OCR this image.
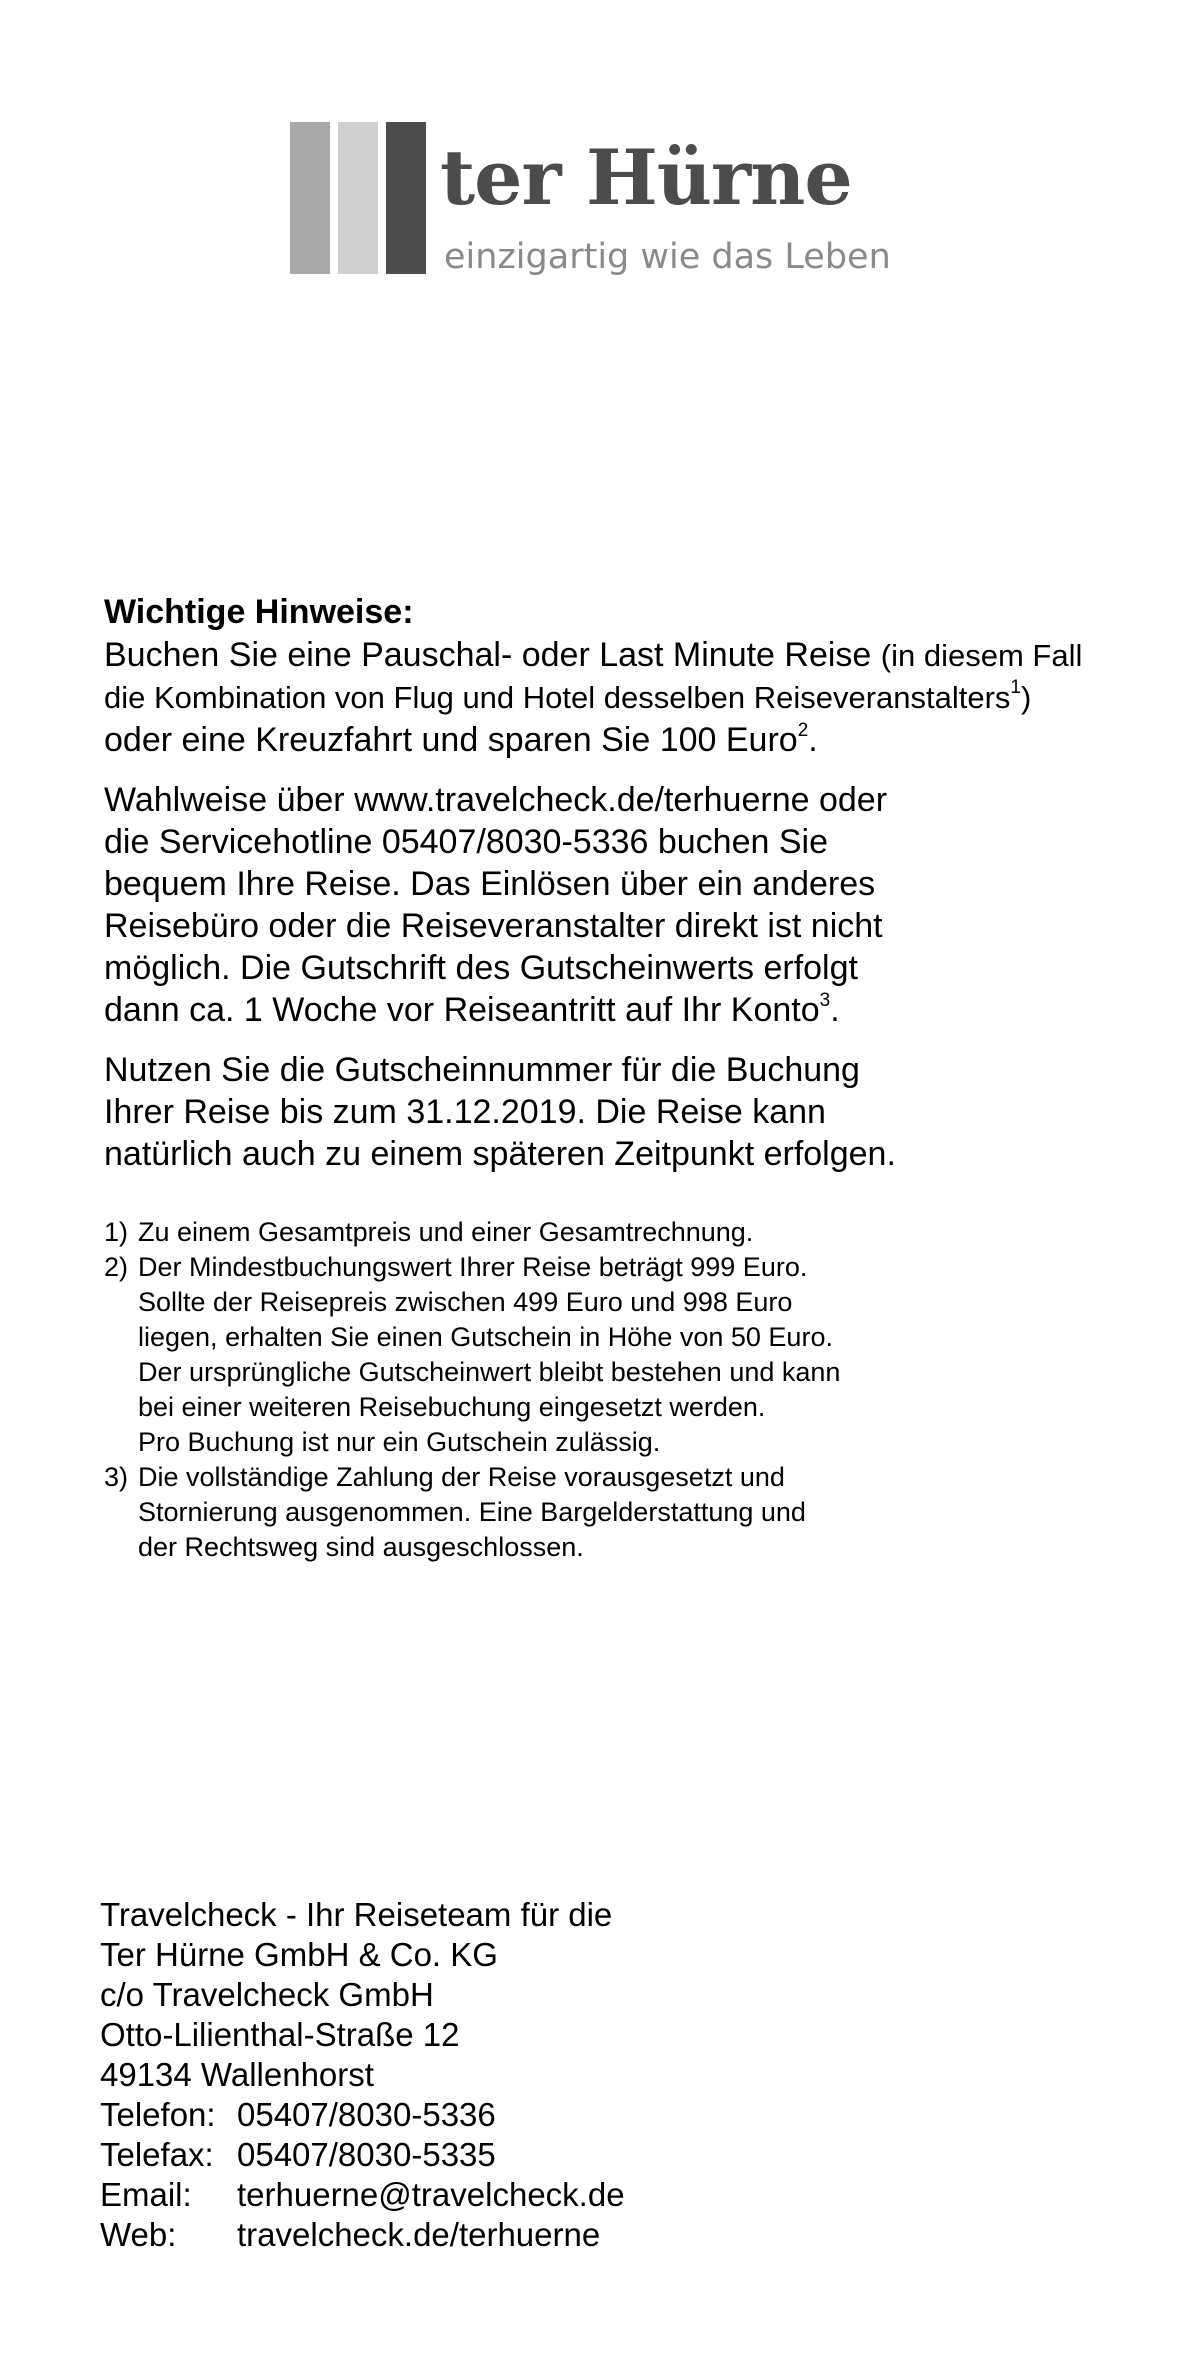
ter Hürne
einzigartig wie das Leben

Wichtige Hinweise:

Buchen Sie eine Pauschal- oder Last Minute Reise (in diesem Fall
die Kombination von Flug und Hotel desselben Reiseveranstalters$^1$)
oder eine Kreuzfahrt und sparen Sie 100 Euro$^2$.

Wahlweise über www.travelcheck.de/terhuerne oder
die Servicehotline 05407/8030-5336 buchen Sie
bequem Ihre Reise. Das Einlösen über ein anderes
Reisebüro oder die Reiseveranstalter direkt ist nicht
möglich. Die Gutschrift des Gutscheinwerts erfolgt
dann ca. 1 Woche vor Reiseantritt auf Ihr Konto$^3$.

Nutzen Sie die Gutscheinnummer für die Buchung
Ihrer Reise bis zum 31.12.2019. Die Reise kann
natürlich auch zu einem späteren Zeitpunkt erfolgen.

1) Zu einem Gesamtpreis und einer Gesamtrechnung.
2) Der Mindestbuchungswert Ihrer Reise beträgt 999 Euro.
Sollte der Reisepreis zwischen 499 Euro und 998 Euro
liegen, erhalten Sie einen Gutschein in Höhe von 50 Euro.
Der ursprüngliche Gutscheinwert bleibt bestehen und kann
bei einer weiteren Reisebuchung eingesetzt werden.
Pro Buchung ist nur ein Gutschein zulässig.
3) Die vollständige Zahlung der Reise vorausgesetzt und
Stornierung ausgenommen. Eine Bargelderstattung und
der Rechtsweg sind ausgeschlossen.
Travelcheck - Ihr Reiseteam für die
Ter Hürne GmbH & Co. KG
c/o Travelcheck GmbH
Otto-Lilienthal-Straße 12
49134 Wallenhorst
Telefon: 05407/8030-5336
Telefax: 05407/8030-5335
Email: terhuerne@travelcheck.de
Web: travelcheck.de/terhuerne
